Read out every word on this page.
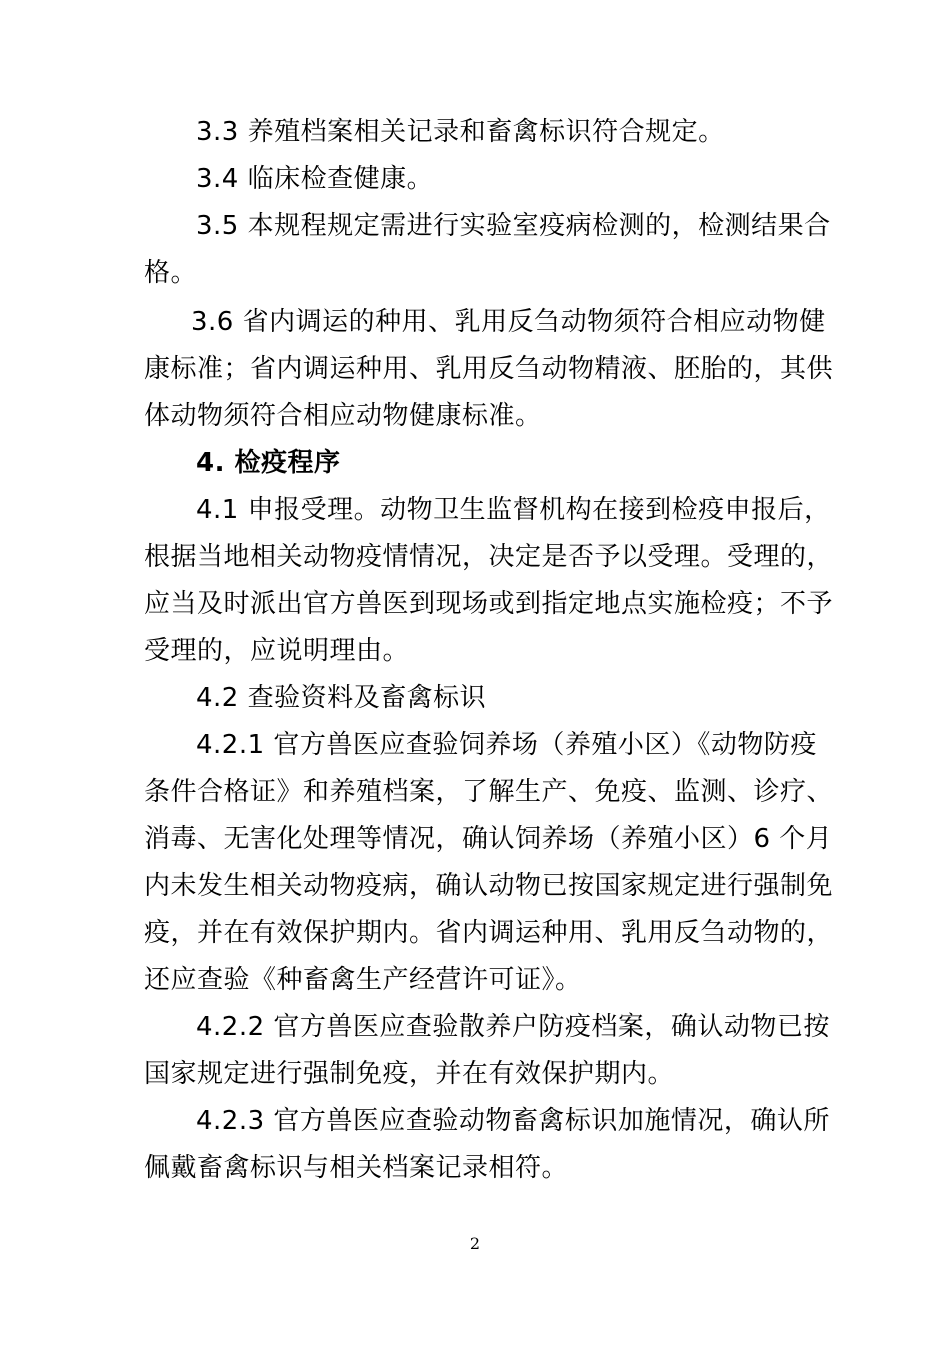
3.3 养殖档案相关记录和畜禽标识符合规定。
3.4 临床检查健康。
3.5 本规程规定需进行实验室疫病检测的，检测结果合
格。
3.6 省内调运的种用、乳用反刍动物须符合相应动物健
康标准；省内调运种用、乳用反刍动物精液、胚胎的，其供
体动物须符合相应动物健康标准。
4. 检疫程序
4.1 申报受理。动物卫生监督机构在接到检疫申报后，
根据当地相关动物疫情情况，决定是否予以受理。受理的，
应当及时派出官方兽医到现场或到指定地点实施检疫；不予
受理的，应说明理由。
4.2 查验资料及畜禽标识
4.2.1 官方兽医应查验饲养场（养殖小区）《动物防疫
条件合格证》和养殖档案，了解生产、免疫、监测、诊疗、
消毒、无害化处理等情况，确认饲养场（养殖小区）6 个月
内未发生相关动物疫病，确认动物已按国家规定进行强制免
疫，并在有效保护期内。省内调运种用、乳用反刍动物的，
还应查验《种畜禽生产经营许可证》。
4.2.2 官方兽医应查验散养户防疫档案，确认动物已按
国家规定进行强制免疫，并在有效保护期内。
4.2.3 官方兽医应查验动物畜禽标识加施情况，确认所
佩戴畜禽标识与相关档案记录相符。
2
